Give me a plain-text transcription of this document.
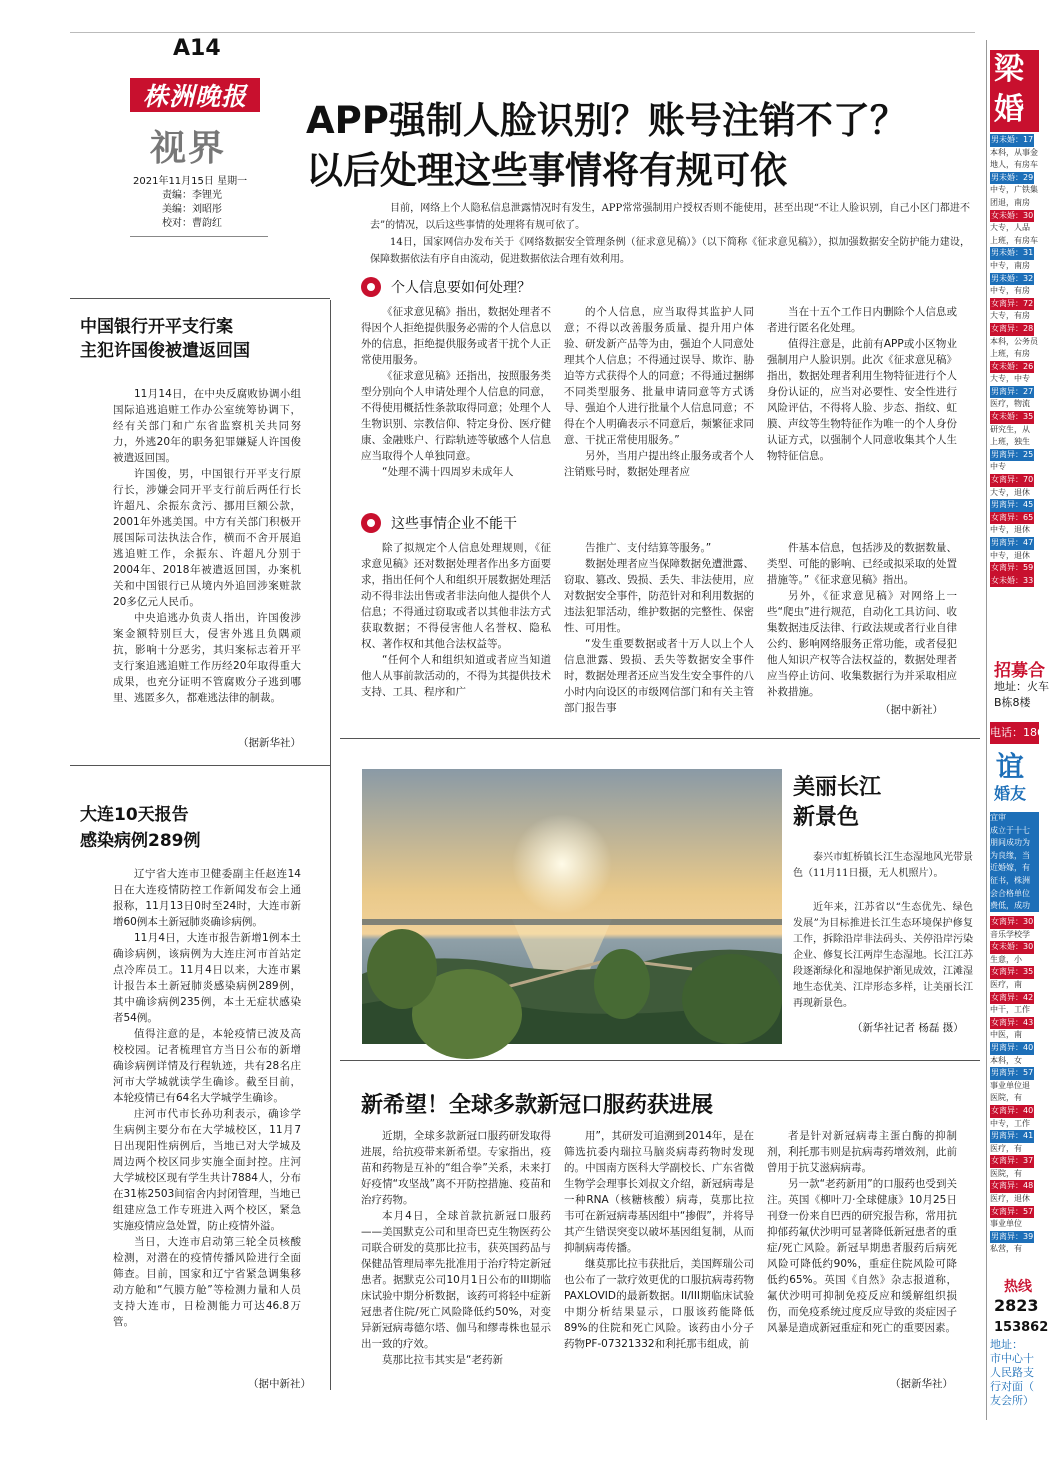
A14
株洲晚报
视界
2021年11月15日 星期一
责编：李锂光
美编：刘昭彤
校对：曹韵红
APP强制人脸识别？账号注销不了？
以后处理这些事情将有规可依
目前，网络上个人隐私信息泄露情况时有发生，APP常常强制用户授权否则不能使用，甚至出现“不让人脸识别，自己小区门都进不去”的情况，以后这些事情的处理将有规可依了。
14日，国家网信办发布关于《网络数据安全管理条例（征求意见稿）》（以下简称《征求意见稿》），拟加强数据安全防护能力建设，保障数据依法有序自由流动，促进数据依法合理有效利用。
个人信息要如何处理？

《征求意见稿》指出，数据处理者不得因个人拒绝提供服务必需的个人信息以外的信息，拒绝提供服务或者干扰个人正常使用服务。

《征求意见稿》还指出，按照服务类型分别向个人申请处理个人信息的同意，不得使用概括性条款取得同意；处理个人生物识别、宗教信仰、特定身份、医疗健康、金融账户、行踪轨迹等敏感个人信息应当取得个人单独同意。

“处理不满十四周岁未成年人

的个人信息，应当取得其监护人同意；不得以改善服务质量、提升用户体验、研发新产品等为由，强迫个人同意处理其个人信息；不得通过误导、欺诈、胁迫等方式获得个人的同意；不得通过捆绑不同类型服务、批量申请同意等方式诱导、强迫个人进行批量个人信息同意；不得在个人明确表示不同意后，频繁征求同意、干扰正常使用服务。”

另外，当用户提出终止服务或者个人注销账号时，数据处理者应

当在十五个工作日内删除个人信息或者进行匿名化处理。

值得注意是，此前有APP或小区物业强制用户人脸识别。此次《征求意见稿》指出，数据处理者利用生物特征进行个人身份认证的，应当对必要性、安全性进行风险评估，不得将人脸、步态、指纹、虹膜、声纹等生物特征作为唯一的个人身份认证方式，以强制个人同意收集其个人生物特征信息。

这些事情企业不能干

除了拟规定个人信息处理规则，《征求意见稿》还对数据处理者作出多方面要求，指出任何个人和组织开展数据处理活动不得非法出售或者非法向他人提供个人信息；不得通过窃取或者以其他非法方式获取数据；不得侵害他人名誉权、隐私权、著作权和其他合法权益等。

“任何个人和组织知道或者应当知道他人从事前款活动的，不得为其提供技术支持、工具、程序和广

告推广、支付结算等服务。”

数据处理者应当保障数据免遭泄露、窃取、篡改、毁损、丢失、非法使用，应对数据安全事件，防范针对和利用数据的违法犯罪活动，维护数据的完整性、保密性、可用性。

“发生重要数据或者十万人以上个人信息泄露、毁损、丢失等数据安全事件时，数据处理者还应当发生安全事件的八小时内向设区的市级网信部门和有关主管部门报告事

件基本信息，包括涉及的数据数量、类型、可能的影响、已经或拟采取的处置措施等。”《征求意见稿》指出。

另外，《征求意见稿》对网络上一些“爬虫”进行规范，自动化工具访问、收集数据违反法律、行政法规或者行业自律公约、影响网络服务正常功能，或者侵犯他人知识产权等合法权益的，数据处理者应当停止访问、收集数据行为并采取相应补救措施。

（据中新社）
中国银行开平支行案
主犯许国俊被遣返回国

11月14日，在中央反腐败协调小组国际追逃追赃工作办公室统筹协调下，经有关部门和广东省监察机关共同努力，外逃20年的职务犯罪嫌疑人许国俊被遣返回国。

许国俊，男，中国银行开平支行原行长，涉嫌会同开平支行前后两任行长许超凡、余振东贪污、挪用巨额公款，2001年外逃美国。中方有关部门积极开展国际司法执法合作，横而不舍开展追逃追赃工作，余振东、许超凡分别于2004年、2018年被遣返回国，办案机关和中国银行已从境内外追回涉案赃款20多亿元人民币。

中央追逃办负责人指出，许国俊涉案金额特别巨大，侵害外逃且负隅顽抗，影响十分恶劣，其归案标志着开平支行案追逃追赃工作历经20年取得重大成果，也充分证明不管腐败分子逃到哪里、逃匿多久，都难逃法律的制裁。

（据新华社）
大连10天报告
感染病例289例

辽宁省大连市卫健委副主任赵连14日在大连疫情防控工作新闻发布会上通报称，11月13日0时至24时，大连市新增60例本土新冠肺炎确诊病例。

11月4日，大连市报告新增1例本土确诊病例，该病例为大连庄河市首站定点冷库员工。11月4日以来，大连市累计报告本土新冠肺炎感染病例289例，其中确诊病例235例，本土无症状感染者54例。

值得注意的是，本轮疫情已波及高校校园。记者梳理官方当日公布的新增确诊病例详情及行程轨迹，共有28名庄河市大学城就读学生确诊。截至目前，本轮疫情已有64名大学城学生确诊。

庄河市代市长孙功利表示，确诊学生病例主要分布在大学城校区，11月7日出现阳性病例后，当地已对大学城及周边两个校区同步实施全面封控。庄河大学城校区现有学生共计7884人，分布在31栋2503间宿舍内封闭管理，当地已组建应急工作专班进入两个校区，紧急实施疫情应急处置，防止疫情外溢。

当日，大连市启动第三轮全员核酸检测，对潜在的疫情传播风险进行全面筛查。目前，国家和辽宁省紧急调集移动方舱和“气膜方舱”等检测力量和人员支持大连市，日检测能力可达46.8万管。

（据中新社）
美丽长江
新景色
泰兴市虹桥镇长江生态湿地风光带景色（11月11日摄，无人机照片）。
近年来，江苏省以“生态优先、绿色发展”为目标推进长江生态环境保护修复工作，拆除沿岸非法码头、关停沿岸污染企业、修复长江两岸生态湿地。长江江苏段逐渐绿化和湿地保护渐见成效，江滩湿地生态优美、江岸形态多样，让美丽长江再现新景色。
（新华社记者 杨磊 摄）
新希望！全球多款新冠口服药获进展

近期，全球多款新冠口服药研发取得进展，给抗疫带来新希望。专家指出，疫苗和药物是互补的“组合拳”关系，未来打好疫情“攻坚战”离不开防控措施、疫苗和治疗药物。

本月4日，全球首款抗新冠口服药——美国默克公司和里奇巴克生物医药公司联合研发的莫那比拉韦，获英国药品与保健品管理局率先批准用于治疗特定新冠患者。据默克公司10月1日公布的III期临床试验中期分析数据，该药可将轻中症新冠患者住院/死亡风险降低约50%，对变异新冠病毒德尔塔、伽马和缪毒株也显示出一致的疗效。

莫那比拉韦其实是“老药新

用”，其研发可追溯到2014年，是在筛选抗委内瑞拉马脑炎病毒药物时发现的。中国南方医科大学副校长、广东省微生物学会理事长刘叔文介绍，新冠病毒是一种RNA（核糖核酸）病毒，莫那比拉韦可在新冠病毒基因组中“掺假”，并将导其产生错误突变以破坏基因组复制，从而抑制病毒传播。

继莫那比拉韦获批后，美国辉瑞公司也公布了一款疗效更优的口服抗病毒药物PAXLOVID的最新数据。II/III期临床试验中期分析结果显示，口服该药能降低89%的住院和死亡风险。该药由小分子药物PF-07321332和利托那韦组成，前

者是针对新冠病毒主蛋白酶的抑制剂，利托那韦则是抗病毒药增效剂，此前曾用于抗艾滋病病毒。

另一款“老药新用”的口服药也受到关注。英国《柳叶刀·全球健康》10月25日刊登一份来自巴西的研究报告称，常用抗抑郁药氟伏沙明可显著降低新冠患者的重症/死亡风险。新冠早期患者服药后病死风险可降低约90%，重症住院风险可降低约65%。英国《自然》杂志报道称，氟伏沙明可抑制免疫反应和缓解组织损伤，而免疫系统过度反应导致的炎症因子风暴是造成新冠重症和死亡的重要因素。

（据新华社）
梁
婚
男未婚：17
本科，从事金
地人，有房车
男未婚：29
中专，广铁集
团退，南房
女未婚：30
大专，人品
上班，有房车
男未婚：31
中专，南房
男未婚：32
中专，有房
女离异：72
大专，有房
女离异：28
本科，公务员
上班，有房
女未婚：26
大专，中专
男离异：27
医疗，物流
女未婚：35
研究生，从
上班，独生
男离异：25
中专
女离异：70
大专，退休
男离异：45
女离异：65
中专，退休
男离异：47
中专，退休
女离异：59
女未婚：33
招募合
地址：火车
B栋8楼
电话：1867
谊
婚友
宜审
成立于十七
朋间成功为
为良缘，当
近婚嫁，有
征书，株洲
会合格单位
费低，成功
女离异：30
音乐学校学
女未婚：30
生意，小
女离异：35
医疗，南
女离异：42
中干，工作
女离异：43
中医，南
男离异：40
本科，女
男离异：57
事业单位退
医院，有
女离异：40
中专，工作
男离异：41
医疗，有
女离异：37
医院，有
女离异：48
医疗，退休
女离异：57
事业单位
男离异：39
私营，有
热线
2823
153862
地址：
市中心十
人民路支
行对面（
友会所）
